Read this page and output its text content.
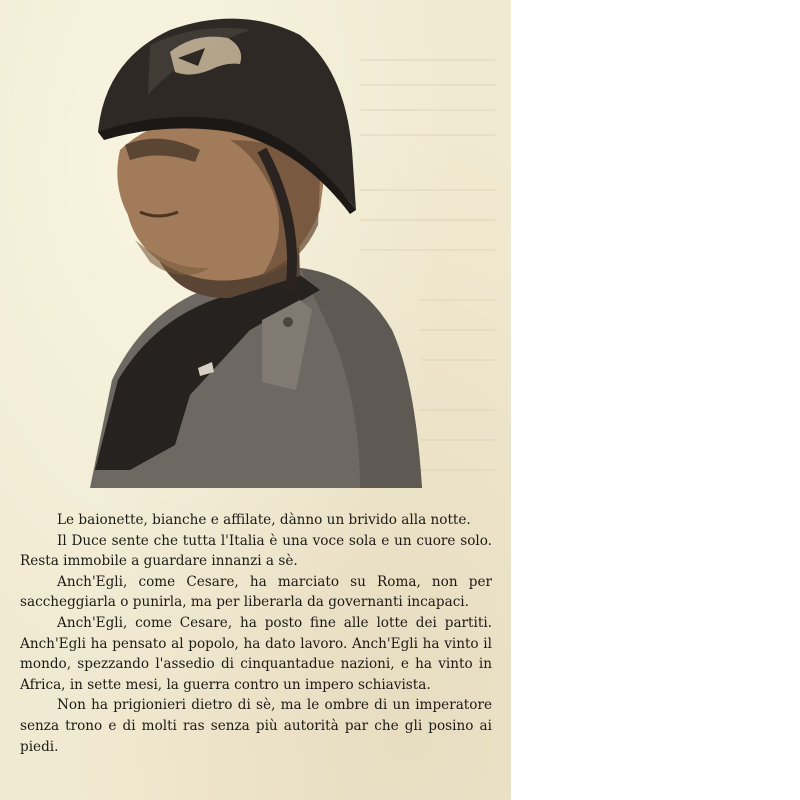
Le baionette, bianche e affilate, dànno un brivido alla notte.

Il Duce sente che tutta l'Italia è una voce sola e un cuore solo. Resta immobile a guardare innanzi a sè.

Anch'Egli, come Cesare, ha marciato su Roma, non per saccheggiarla o punirla, ma per liberarla da governanti incapaci.

Anch'Egli, come Cesare, ha posto fine alle lotte dei partiti. Anch'Egli ha pensato al popolo, ha dato lavoro. Anch'Egli ha vinto il mondo, spezzando l'assedio di cinquantadue nazioni, e ha vinto in Africa, in sette mesi, la guerra contro un impero schiavista.

Non ha prigionieri dietro di sè, ma le ombre di un imperatore senza trono e di molti ras senza più autorità par che gli posino ai piedi.
